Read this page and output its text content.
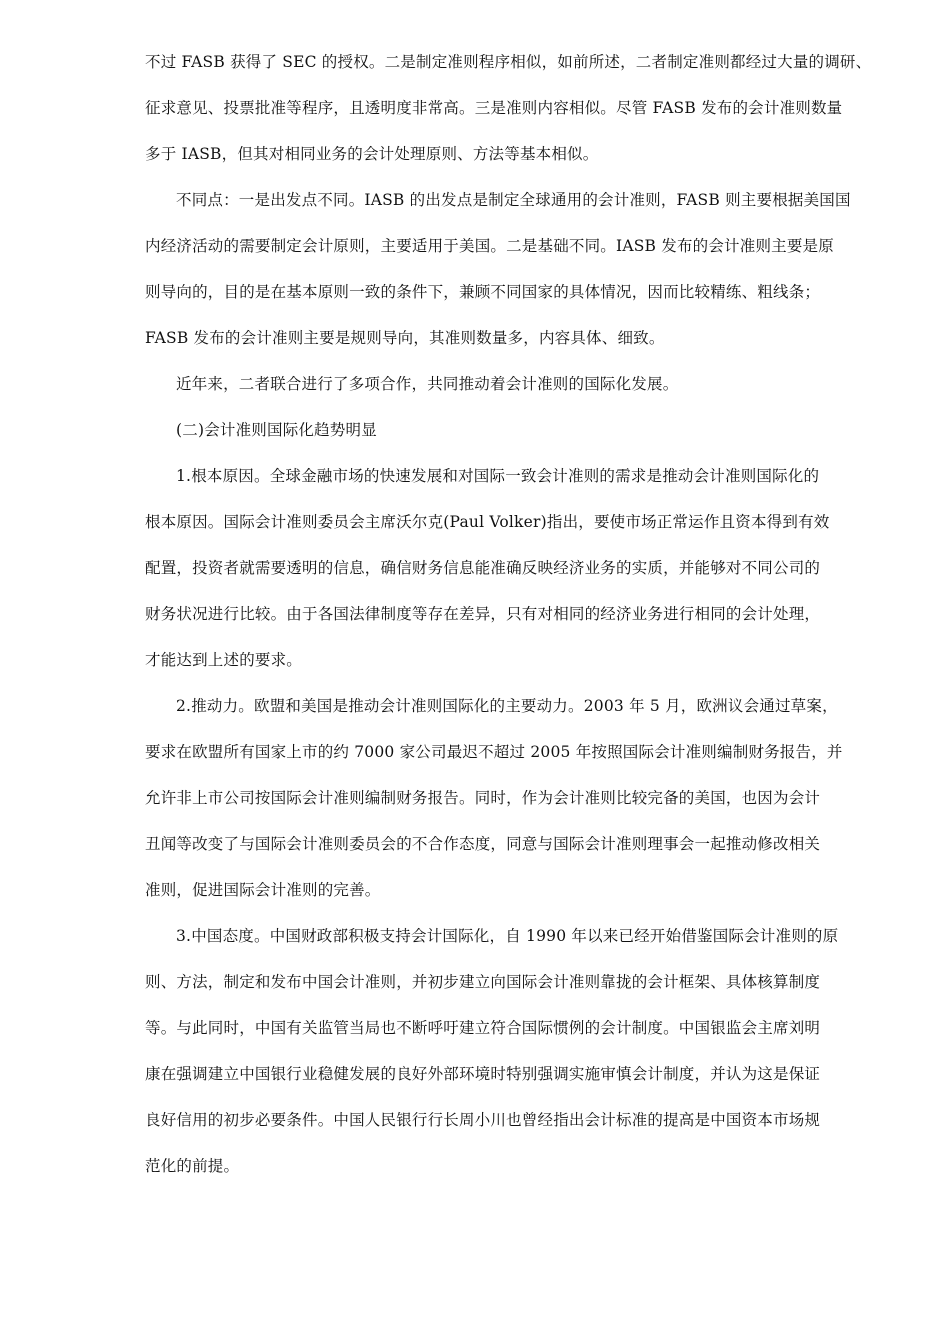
不过 FASB 获得了 SEC 的授权。二是制定准则程序相似，如前所述，二者制定准则都经过大量的调研、
征求意见、投票批准等程序，且透明度非常高。三是准则内容相似。尽管 FASB 发布的会计准则数量
多于 IASB，但其对相同业务的会计处理原则、方法等基本相似。
不同点：一是出发点不同。IASB 的出发点是制定全球通用的会计准则，FASB 则主要根据美国国
内经济活动的需要制定会计原则，主要适用于美国。二是基础不同。IASB 发布的会计准则主要是原
则导向的，目的是在基本原则一致的条件下，兼顾不同国家的具体情况，因而比较精练、粗线条；
FASB 发布的会计准则主要是规则导向，其准则数量多，内容具体、细致。
近年来，二者联合进行了多项合作，共同推动着会计准则的国际化发展。
(二)会计准则国际化趋势明显
1.根本原因。全球金融市场的快速发展和对国际一致会计准则的需求是推动会计准则国际化的
根本原因。国际会计准则委员会主席沃尔克(Paul Volker)指出，要使市场正常运作且资本得到有效
配置，投资者就需要透明的信息，确信财务信息能准确反映经济业务的实质，并能够对不同公司的
财务状况进行比较。由于各国法律制度等存在差异，只有对相同的经济业务进行相同的会计处理，
才能达到上述的要求。
2.推动力。欧盟和美国是推动会计准则国际化的主要动力。2003 年 5 月，欧洲议会通过草案，
要求在欧盟所有国家上市的约 7000 家公司最迟不超过 2005 年按照国际会计准则编制财务报告，并
允许非上市公司按国际会计准则编制财务报告。同时，作为会计准则比较完备的美国，也因为会计
丑闻等改变了与国际会计准则委员会的不合作态度，同意与国际会计准则理事会一起推动修改相关
准则，促进国际会计准则的完善。
3.中国态度。中国财政部积极支持会计国际化，自 1990 年以来已经开始借鉴国际会计准则的原
则、方法，制定和发布中国会计准则，并初步建立向国际会计准则靠拢的会计框架、具体核算制度
等。与此同时，中国有关监管当局也不断呼吁建立符合国际惯例的会计制度。中国银监会主席刘明
康在强调建立中国银行业稳健发展的良好外部环境时特别强调实施审慎会计制度，并认为这是保证
良好信用的初步必要条件。中国人民银行行长周小川也曾经指出会计标准的提高是中国资本市场规
范化的前提。
